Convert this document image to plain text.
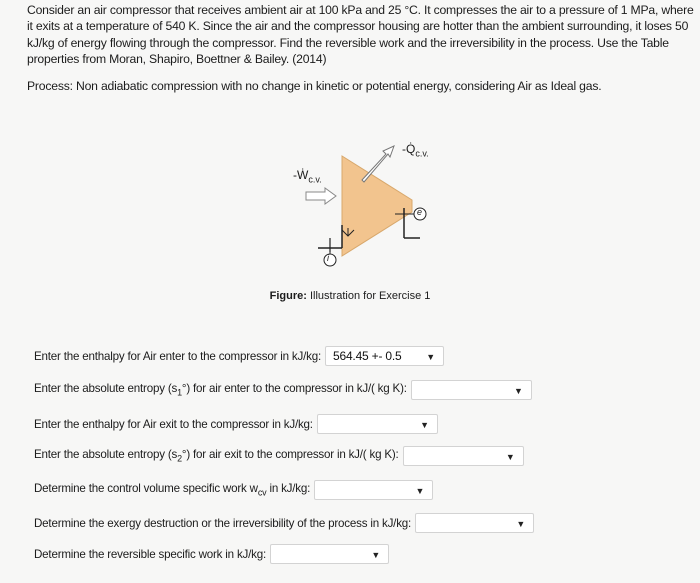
Consider an air compressor that receives ambient air at 100 kPa and 25 °C. It compresses the air to a pressure of 1 MPa, where it exits at a temperature of 540 K. Since the air and the compressor housing are hotter than the ambient surrounding, it loses 50 kJ/kg of energy flowing through the compressor. Find the reversible work and the irreversibility in the process. Use the Table properties from Moran, Shapiro, Boettner & Bailey. (2014)

Process: Non adiabatic compression with no change in kinetic or potential energy, considering Air as Ideal gas.

$-Q̇_{c.v.}$
-Ẇ$_{c.v.}$
i
e
Figure: Illustration for Exercise 1
Enter the enthalpy for Air enter to the compressor in kJ/kg:	564.45 +- 0.5	▼
Enter the absolute entropy $(s_1^\circ)$ for air enter to the compressor in kJ/( kg K):	▼
Enter the enthalpy for Air exit to the compressor in kJ/kg:	▼
Enter the absolute entropy $(s_2^\circ)$ for air exit to the compressor in kJ/( kg K):	▼
Determine the control volume specific work $w_{cv}$ in kJ/kg:	▼
Determine the exergy destruction or the irreversibility of the process in kJ/kg:	▼
Determine the reversible specific work in kJ/kg:	▼
